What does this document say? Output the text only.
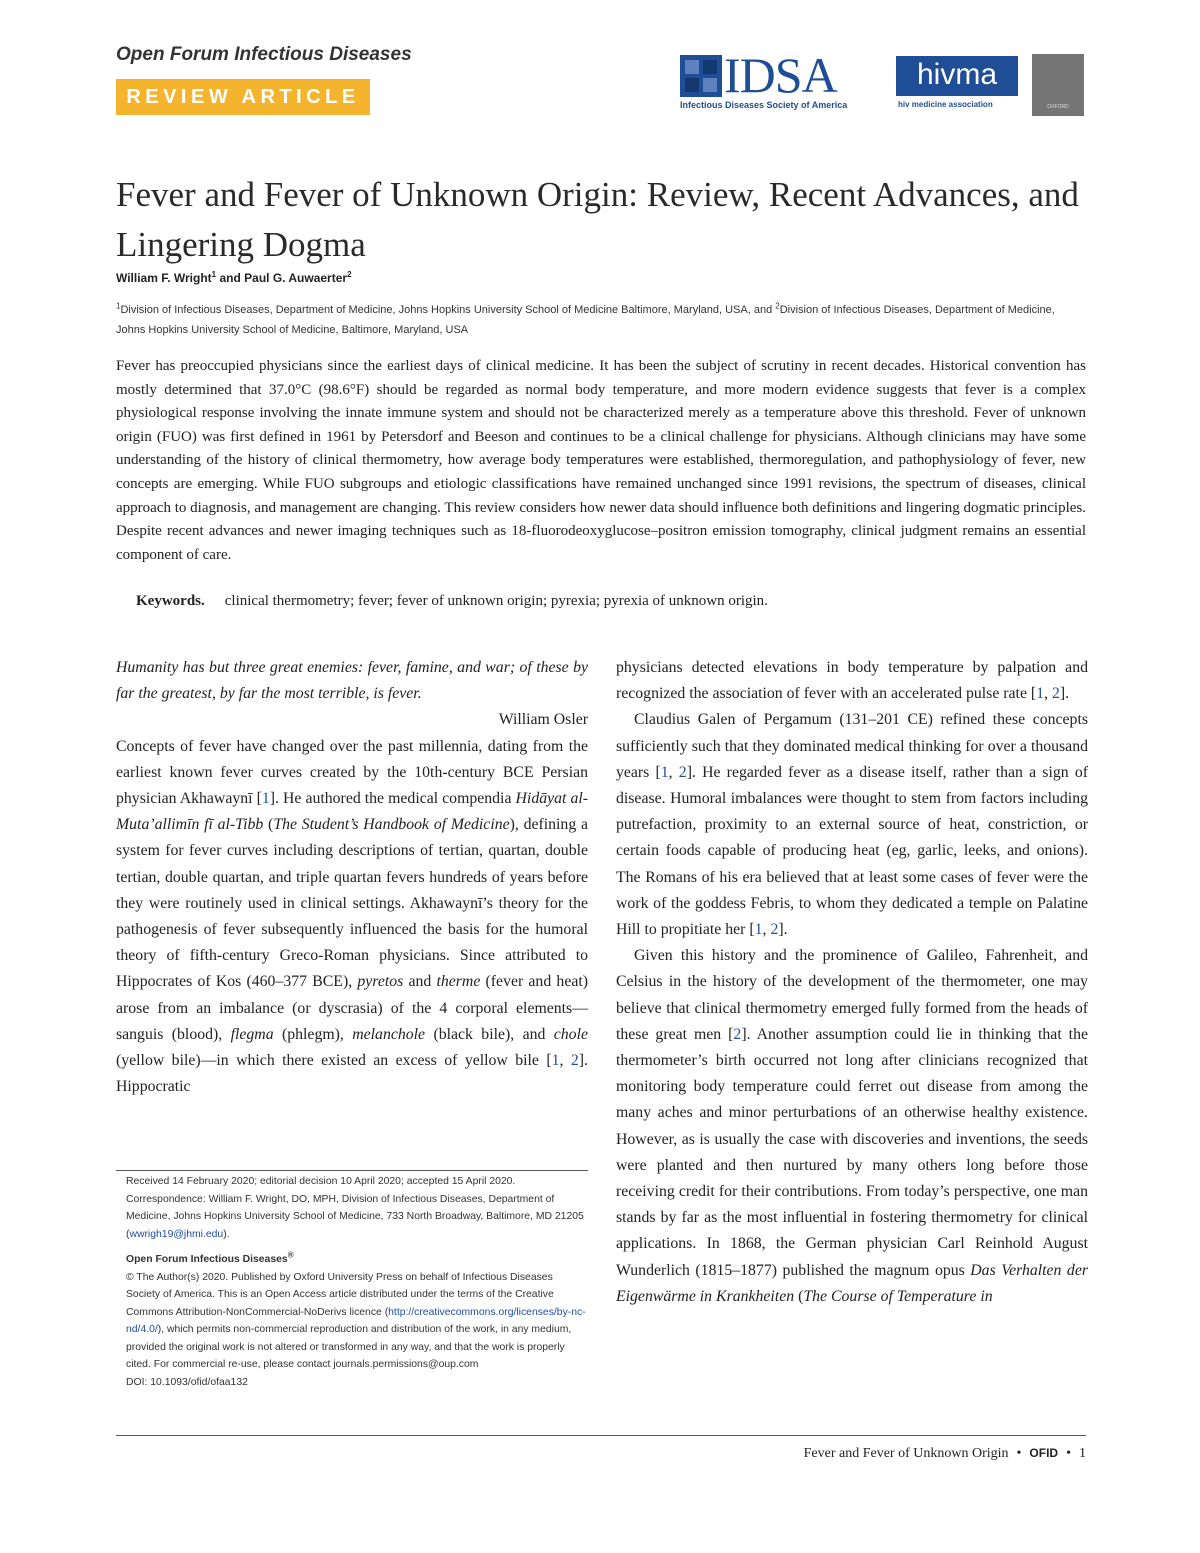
Open Forum Infectious Diseases
REVIEW ARTICLE	IDSA
Infectious Diseases Society of America
hivma
hiv medicine association	OXFORD
Fever and Fever of Unknown Origin: Review, Recent Advances, and Lingering Dogma
William F. Wright$^1$ and Paul G. Auwaerter$^2$
$^1$Division of Infectious Diseases, Department of Medicine, Johns Hopkins University School of Medicine Baltimore, Maryland, USA, and $^2$Division of Infectious Diseases, Department of Medicine, Johns Hopkins University School of Medicine, Baltimore, Maryland, USA

Fever has preoccupied physicians since the earliest days of clinical medicine. It has been the subject of scrutiny in recent decades. Historical convention has mostly determined that 37.0°C (98.6°F) should be regarded as normal body temperature, and more modern evidence suggests that fever is a complex physiological response involving the innate immune system and should not be characterized merely as a temperature above this threshold. Fever of unknown origin (FUO) was first defined in 1961 by Petersdorf and Beeson and continues to be a clinical challenge for physicians. Although clinicians may have some understanding of the history of clinical thermometry, how average body temperatures were established, thermoregulation, and pathophysiology of fever, new concepts are emerging. While FUO subgroups and etiologic classifications have remained unchanged since 1991 revisions, the spectrum of diseases, clinical approach to diagnosis, and management are changing. This review considers how newer data should influence both definitions and lingering dogmatic principles. Despite recent advances and newer imaging techniques such as 18-fluorodeoxyglucose–positron emission tomography, clinical judgment remains an essential component of care.

Keywords. clinical thermometry; fever; fever of unknown origin; pyrexia; pyrexia of unknown origin.

Humanity has but three great enemies: fever, famine, and war; of these by far the greatest, by far the most terrible, is fever.

William Osler

Concepts of fever have changed over the past millennia, dating from the earliest known fever curves created by the 10th-century BCE Persian physician Akhawaynī [1]. He authored the medical compendia Hidāyat al-Muta’allimīn fī al-Tibb (The Student’s Handbook of Medicine), defining a system for fever curves including descriptions of tertian, quartan, double tertian, double quartan, and triple quartan fevers hundreds of years before they were routinely used in clinical settings. Akhawaynī’s theory for the pathogenesis of fever subsequently influenced the basis for the humoral theory of fifth-century Greco-Roman physicians. Since attributed to Hippocrates of Kos (460–377 BCE), pyretos and therme (fever and heat) arose from an imbalance (or dyscrasia) of the 4 corporal elements—sanguis (blood), flegma (phlegm), melanchole (black bile), and chole (yellow bile)—in which there existed an excess of yellow bile [1, 2]. Hippocratic

physicians detected elevations in body temperature by palpation and recognized the association of fever with an accelerated pulse rate [1, 2].

Claudius Galen of Pergamum (131–201 CE) refined these concepts sufficiently such that they dominated medical thinking for over a thousand years [1, 2]. He regarded fever as a disease itself, rather than a sign of disease. Humoral imbalances were thought to stem from factors including putrefaction, proximity to an external source of heat, constriction, or certain foods capable of producing heat (eg, garlic, leeks, and onions). The Romans of his era believed that at least some cases of fever were the work of the goddess Febris, to whom they dedicated a temple on Palatine Hill to propitiate her [1, 2].

Given this history and the prominence of Galileo, Fahrenheit, and Celsius in the history of the development of the thermometer, one may believe that clinical thermometry emerged fully formed from the heads of these great men [2]. Another assumption could lie in thinking that the thermometer’s birth occurred not long after clinicians recognized that monitoring body temperature could ferret out disease from among the many aches and minor perturbations of an otherwise healthy existence. However, as is usually the case with discoveries and inventions, the seeds were planted and then nurtured by many others long before those receiving credit for their contributions. From today’s perspective, one man stands by far as the most influential in fostering thermometry for clinical applications. In 1868, the German physician Carl Reinhold August Wunderlich (1815–1877) published the magnum opus Das Verhalten der Eigenwärme in Krankheiten (The Course of Temperature in

Received 14 February 2020; editorial decision 10 April 2020; accepted 15 April 2020.

Correspondence: William F. Wright, DO, MPH, Division of Infectious Diseases, Department of Medicine, Johns Hopkins University School of Medicine, 733 North Broadway, Baltimore, MD 21205 (wwrigh19@jhmi.edu).

Open Forum Infectious Diseases®

© The Author(s) 2020. Published by Oxford University Press on behalf of Infectious Diseases Society of America. This is an Open Access article distributed under the terms of the Creative Commons Attribution-NonCommercial-NoDerivs licence (http://creativecommons.org/licenses/by-nc-nd/4.0/), which permits non-commercial reproduction and distribution of the work, in any medium, provided the original work is not altered or transformed in any way, and that the work is properly cited. For commercial re-use, please contact journals.permissions@oup.com

DOI: 10.1093/ofid/ofaa132

Fever and Fever of Unknown Origin • OFID • 1
